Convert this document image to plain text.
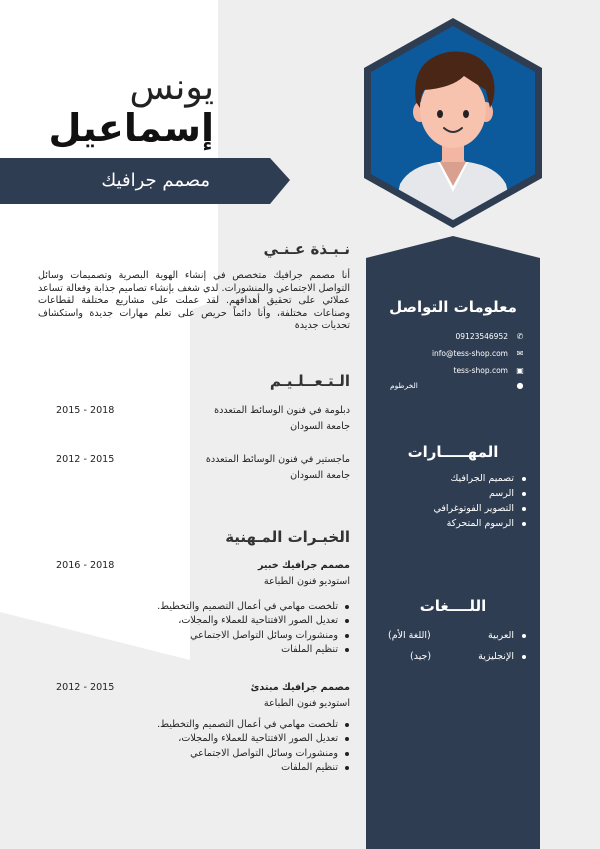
يونس
إسماعيل
مصمم جرافيك
نـبـذة عـنـي
أنا مصمم جرافيك متخصص في إنشاء الهوية البصرية وتصميمات وسائل التواصل الاجتماعي والمنشورات. لدي شغف بإنشاء تصاميم جذابة وفعالة تساعد عملائي على تحقيق أهدافهم. لقد عملت على مشاريع مختلفة لقطاعات وصناعات مختلفة، وأنا دائماً حريص على تعلم مهارات جديدة واستكشاف تحديات جديدة
الـتـعــلـيـم
دبلومة في فنون الوسائط المتعددة
جامعة السودان
2015 - 2018
ماجستير في فنون الوسائط المتعددة
جامعة السودان
2012 - 2015
الخبـرات المـهنية
مصمم جرافيك خبير
استوديو فنون الطباعة
2016 - 2018
تلخصت مهامي في أعمال التصميم والتخطيط.
تعديل الصور الافتتاحية للعملاء والمجلات،
ومنشورات وسائل التواصل الاجتماعي
تنظيم الملفات
مصمم جرافيك مبتدئ
استوديو فنون الطباعة
2012 - 2015
تلخصت مهامي في أعمال التصميم والتخطيط.
تعديل الصور الافتتاحية للعملاء والمجلات،
ومنشورات وسائل التواصل الاجتماعي
تنظيم الملفات
معلومات التواصل
09123546952	✆
info@tess-shop.com	✉
tess-shop.com ▣
الخرطوم	●
المهـــــارات
تصميم الجرافيك
الرسم
التصوير الفوتوغرافي
الرسوم المتحركة
اللــــغات
العربية
(اللغة الأم)
الإنجليزية
(جيد)
